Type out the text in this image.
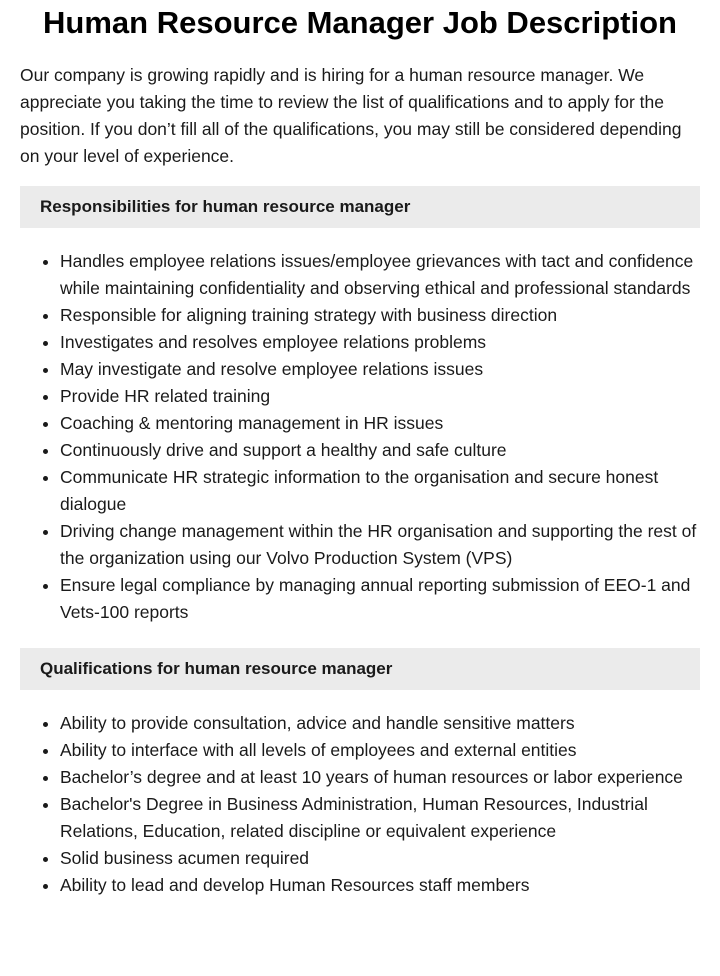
Human Resource Manager Job Description

Our company is growing rapidly and is hiring for a human resource manager. We appreciate you taking the time to review the list of qualifications and to apply for the position. If you don’t fill all of the qualifications, you may still be considered depending on your level of experience.

Responsibilities for human resource manager
• Handles employee relations issues/employee grievances with tact and confidence while maintaining confidentiality and observing ethical and professional standards
• Responsible for aligning training strategy with business direction
• Investigates and resolves employee relations problems
• May investigate and resolve employee relations issues
• Provide HR related training
• Coaching & mentoring management in HR issues
• Continuously drive and support a healthy and safe culture
• Communicate HR strategic information to the organisation and secure honest dialogue
• Driving change management within the HR organisation and supporting the rest of the organization using our Volvo Production System (VPS)
• Ensure legal compliance by managing annual reporting submission of EEO-1 and Vets-100 reports
Qualifications for human resource manager
• Ability to provide consultation, advice and handle sensitive matters
• Ability to interface with all levels of employees and external entities
• Bachelor’s degree and at least 10 years of human resources or labor experience
• Bachelor's Degree in Business Administration, Human Resources, Industrial Relations, Education, related discipline or equivalent experience
• Solid business acumen required
• Ability to lead and develop Human Resources staff members
